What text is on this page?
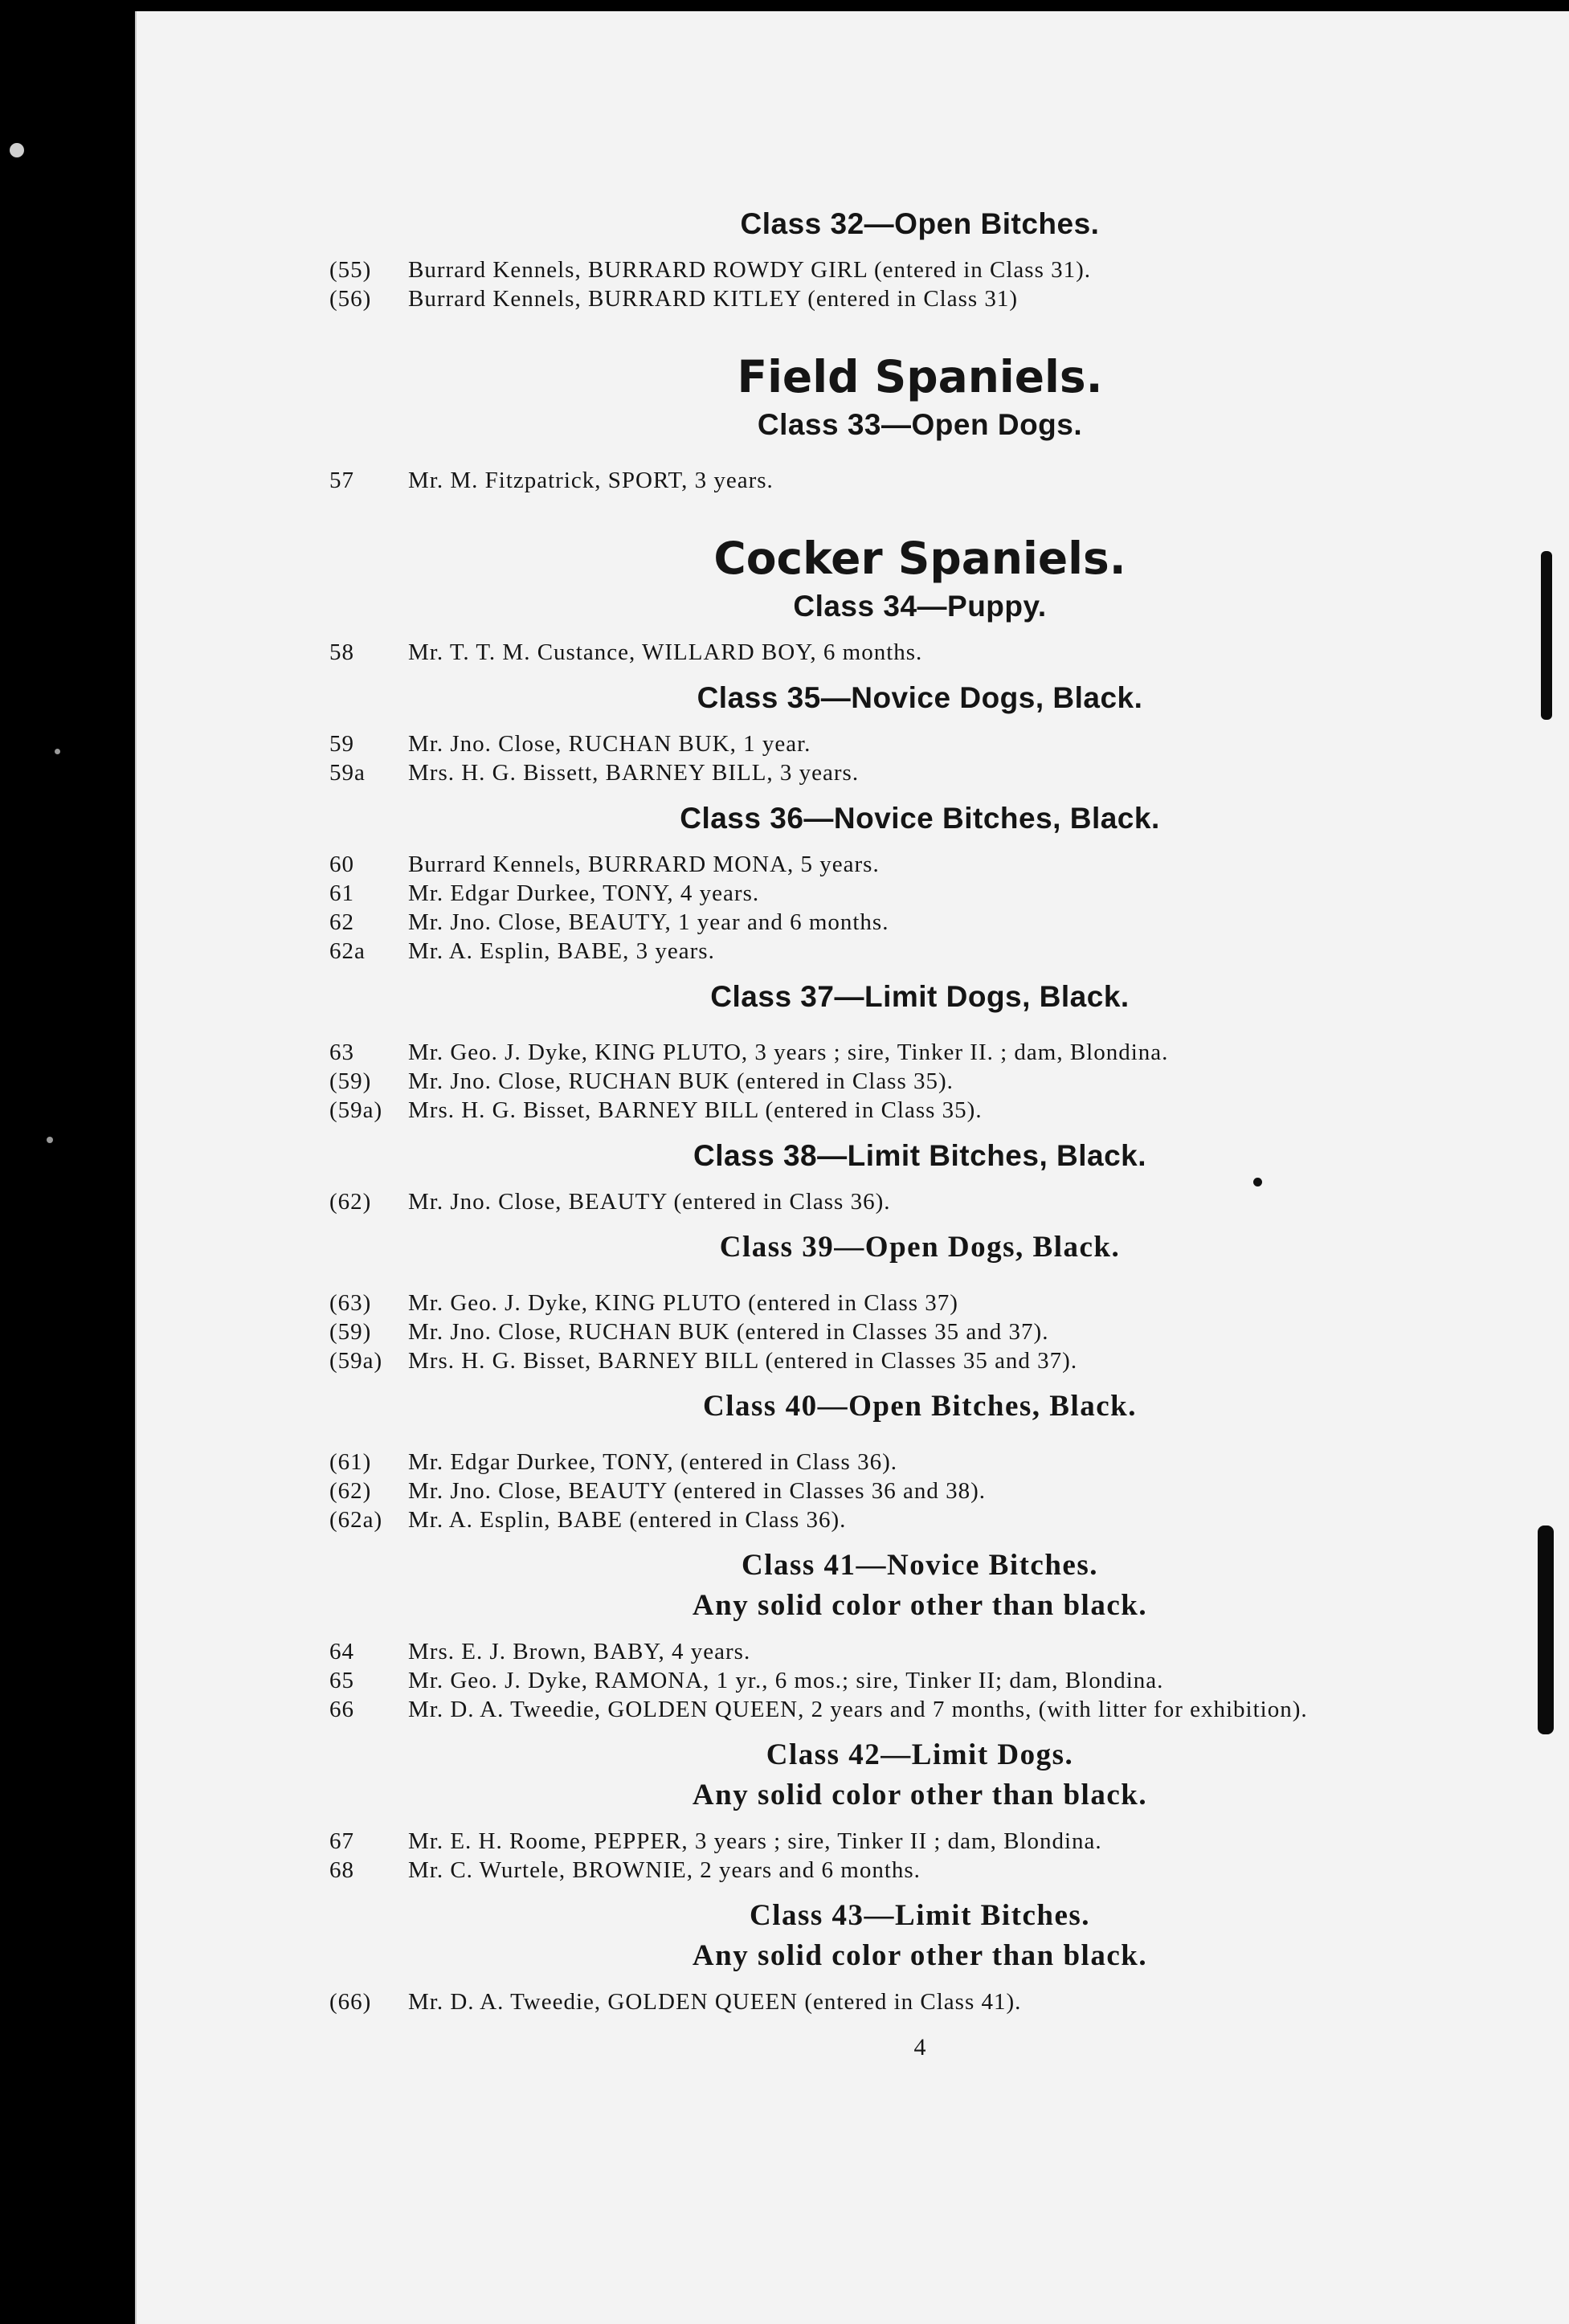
Class 32—Open Bitches.
(55)	Burrard Kennels, BURRARD ROWDY GIRL (entered in Class 31).
(56)	Burrard Kennels, BURRARD KITLEY (entered in Class 31)
Field Spaniels.
Class 33—Open Dogs.
57	Mr. M. Fitzpatrick, SPORT, 3 years.
Cocker Spaniels.
Class 34—Puppy.
58	Mr. T. T. M. Custance, WILLARD BOY, 6 months.
Class 35—Novice Dogs, Black.
59	Mr. Jno. Close, RUCHAN BUK, 1 year.
59a	Mrs. H. G. Bissett, BARNEY BILL, 3 years.
Class 36—Novice Bitches, Black.
60	Burrard Kennels, BURRARD MONA, 5 years.
61	Mr. Edgar Durkee, TONY, 4 years.
62	Mr. Jno. Close, BEAUTY, 1 year and 6 months.
62a	Mr. A. Esplin, BABE, 3 years.
Class 37—Limit Dogs, Black.
63	Mr. Geo. J. Dyke, KING PLUTO, 3 years ; sire, Tinker II. ; dam, Blondina.
(59)	Mr. Jno. Close, RUCHAN BUK (entered in Class 35).
(59a)	Mrs. H. G. Bisset, BARNEY BILL (entered in Class 35).
Class 38—Limit Bitches, Black.
(62)	Mr. Jno. Close, BEAUTY (entered in Class 36).
Class 39—Open Dogs, Black.
(63)	Mr. Geo. J. Dyke, KING PLUTO (entered in Class 37)
(59)	Mr. Jno. Close, RUCHAN BUK (entered in Classes 35 and 37).
(59a)	Mrs. H. G. Bisset, BARNEY BILL (entered in Classes 35 and 37).
Class 40—Open Bitches, Black.
(61)	Mr. Edgar Durkee, TONY, (entered in Class 36).
(62)	Mr. Jno. Close, BEAUTY (entered in Classes 36 and 38).
(62a)	Mr. A. Esplin, BABE (entered in Class 36).
Class 41—Novice Bitches.
Any solid color other than black.
64	Mrs. E. J. Brown, BABY, 4 years.
65	Mr. Geo. J. Dyke, RAMONA, 1 yr., 6 mos.; sire, Tinker II; dam, Blondina.
66	Mr. D. A. Tweedie, GOLDEN QUEEN, 2 years and 7 months, (with litter for exhibition).
Class 42—Limit Dogs.
Any solid color other than black.
67	Mr. E. H. Roome, PEPPER, 3 years ; sire, Tinker II ; dam, Blondina.
68	Mr. C. Wurtele, BROWNIE, 2 years and 6 months.
Class 43—Limit Bitches.
Any solid color other than black.
(66)	Mr. D. A. Tweedie, GOLDEN QUEEN (entered in Class 41).
4
